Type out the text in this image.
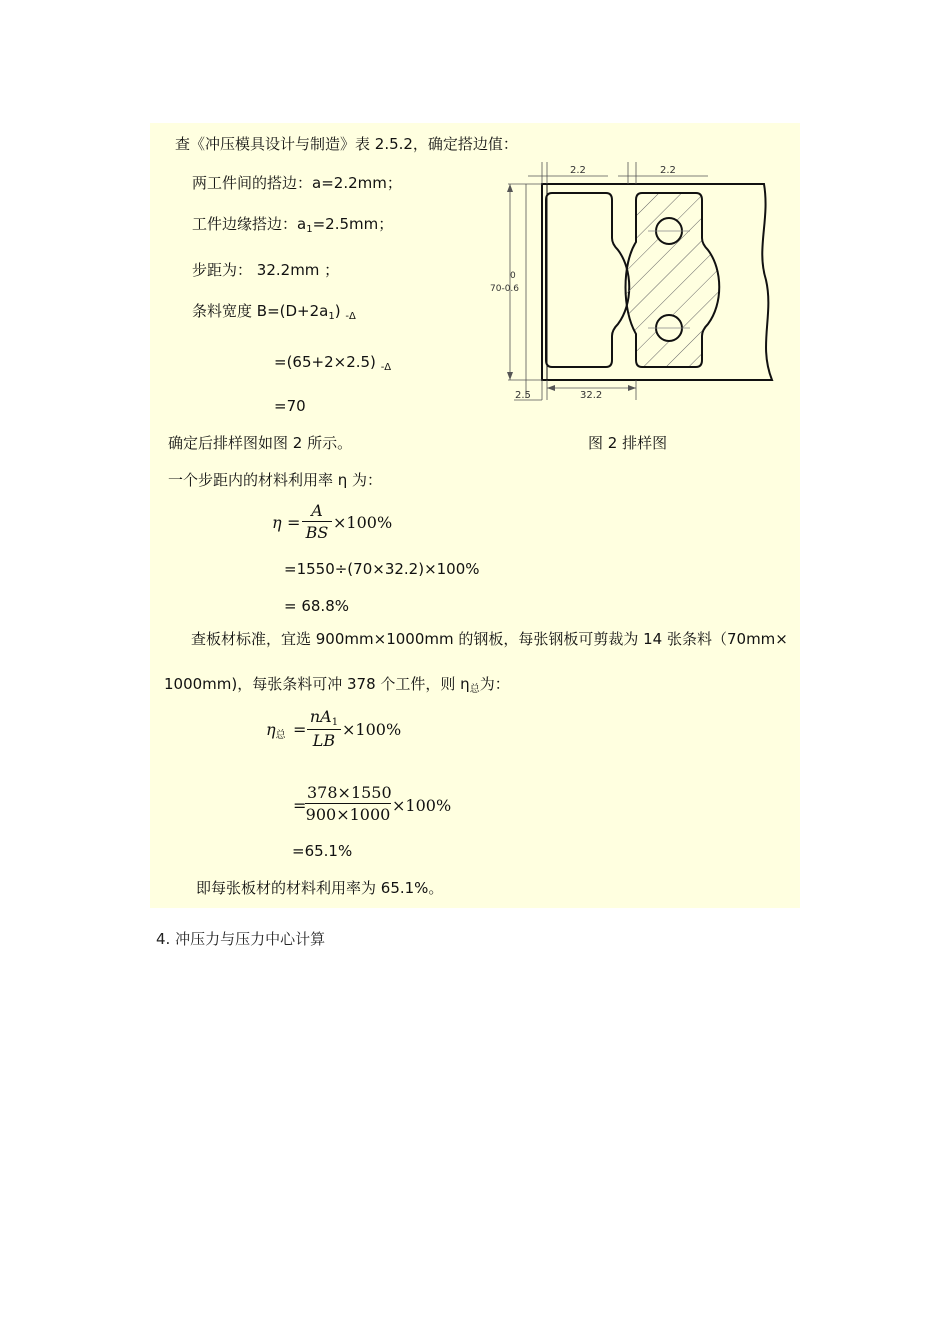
查《冲压模具设计与制造》表 2.5.2，确定搭边值：
两工件间的搭边：a=2.2mm；
工件边缘搭边：$a_1=2.5mm$；
步距为： 32.2mm ；
条料宽度 $B=(D+2a_1)$ $_{-\Delta}$
=(65+2×2.5) $_{-\Delta}$
=70
确定后排样图如图 2 所示。	图 2 排样图
一个步距内的材料利用率 η 为：
$\eta = \frac{A}{BS} \times 100\%$
=1550÷(70×32.2)×100%
= 68.8%
查板材标准，宜选 900mm×1000mm 的钢板，每张钢板可剪裁为 14 张条料（70mm×
1000mm)，每张条料可冲 378 个工件，则 $\eta_总$为：
$\eta_总 = \frac{nA_1}{LB} \times 100\%$
=
$\frac{378\times 1550}{900\times 1000} \times 100\%$
=65.1%
即每张板材的材料利用率为 65.1%。
4. 冲压力与压力中心计算
2.2	2.2
0
70-0.6
2.5	32.2
